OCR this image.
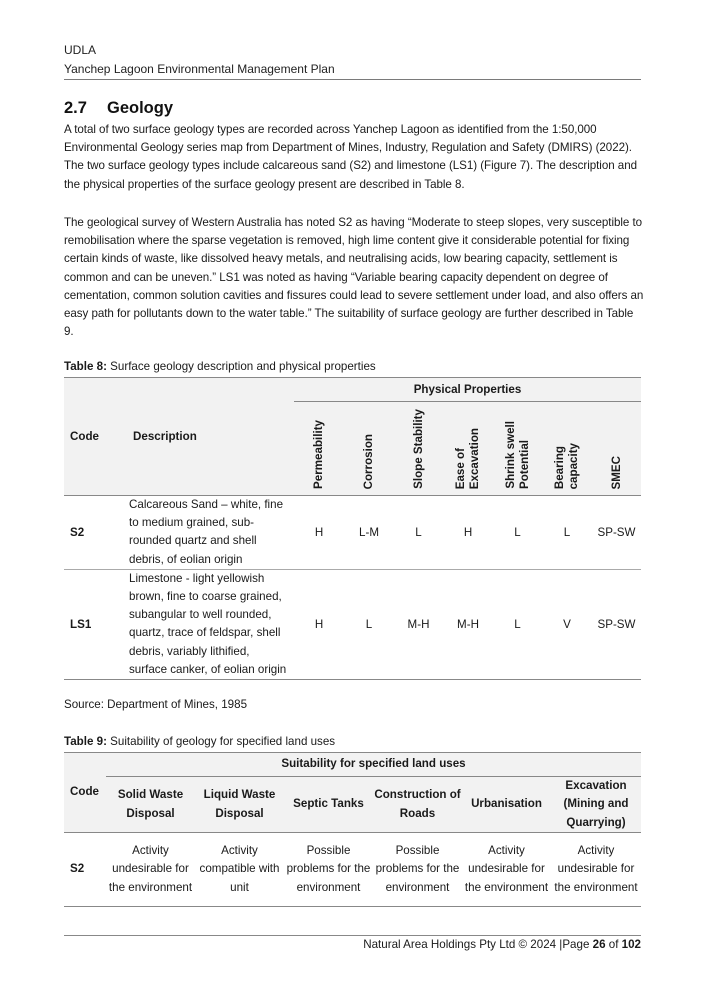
UDLA
Yanchep Lagoon Environmental Management Plan
2.7 Geology

A total of two surface geology types are recorded across Yanchep Lagoon as identified from the 1:50,000 Environmental Geology series map from Department of Mines, Industry, Regulation and Safety (DMIRS) (2022). The two surface geology types include calcareous sand (S2) and limestone (LS1) (Figure 7). The description and the physical properties of the surface geology present are described in Table 8.

The geological survey of Western Australia has noted S2 as having “Moderate to steep slopes, very susceptible to remobilisation where the sparse vegetation is removed, high lime content give it considerable potential for fixing certain kinds of waste, like dissolved heavy metals, and neutralising acids, low bearing capacity, settlement is common and can be uneven.” LS1 was noted as having “Variable bearing capacity dependent on degree of cementation, common solution cavities and fissures could lead to severe settlement under load, and also offers an easy path for pollutants down to the water table.” The suitability of surface geology are further described in Table 9.

Table 8: Surface geology description and physical properties
Code	Description	Physical Properties						

		Permeability	Corrosion	Slope Stability	Ease of Excavation	Shrink swell Potential	Bearing capacity	SMEC

S2	Calcareous Sand – white, fine to medium grained, sub-rounded quartz and shell debris, of eolian origin	H	L-M	L	H	L	L	SP-SW
LS1	Limestone - light yellowish brown, fine to coarse grained, subangular to well rounded, quartz, trace of feldspar, shell debris, variably lithified, surface canker, of eolian origin	H	L	M-H	M-H	L	V	SP-SW
Source: Department of Mines, 1985
Table 9: Suitability of geology for specified land uses
Code	Suitability for specified land uses					
	Solid Waste Disposal	Liquid Waste Disposal	Septic Tanks	Construction of Roads	Urbanisation	Excavation (Mining and Quarrying)
S2	Activity undesirable for the environment	Activity compatible with unit	Possible problems for the environment	Possible problems for the environment	Activity undesirable for the environment	Activity undesirable for the environment
Natural Area Holdings Pty Ltd © 2024 |Page 26 of 102
